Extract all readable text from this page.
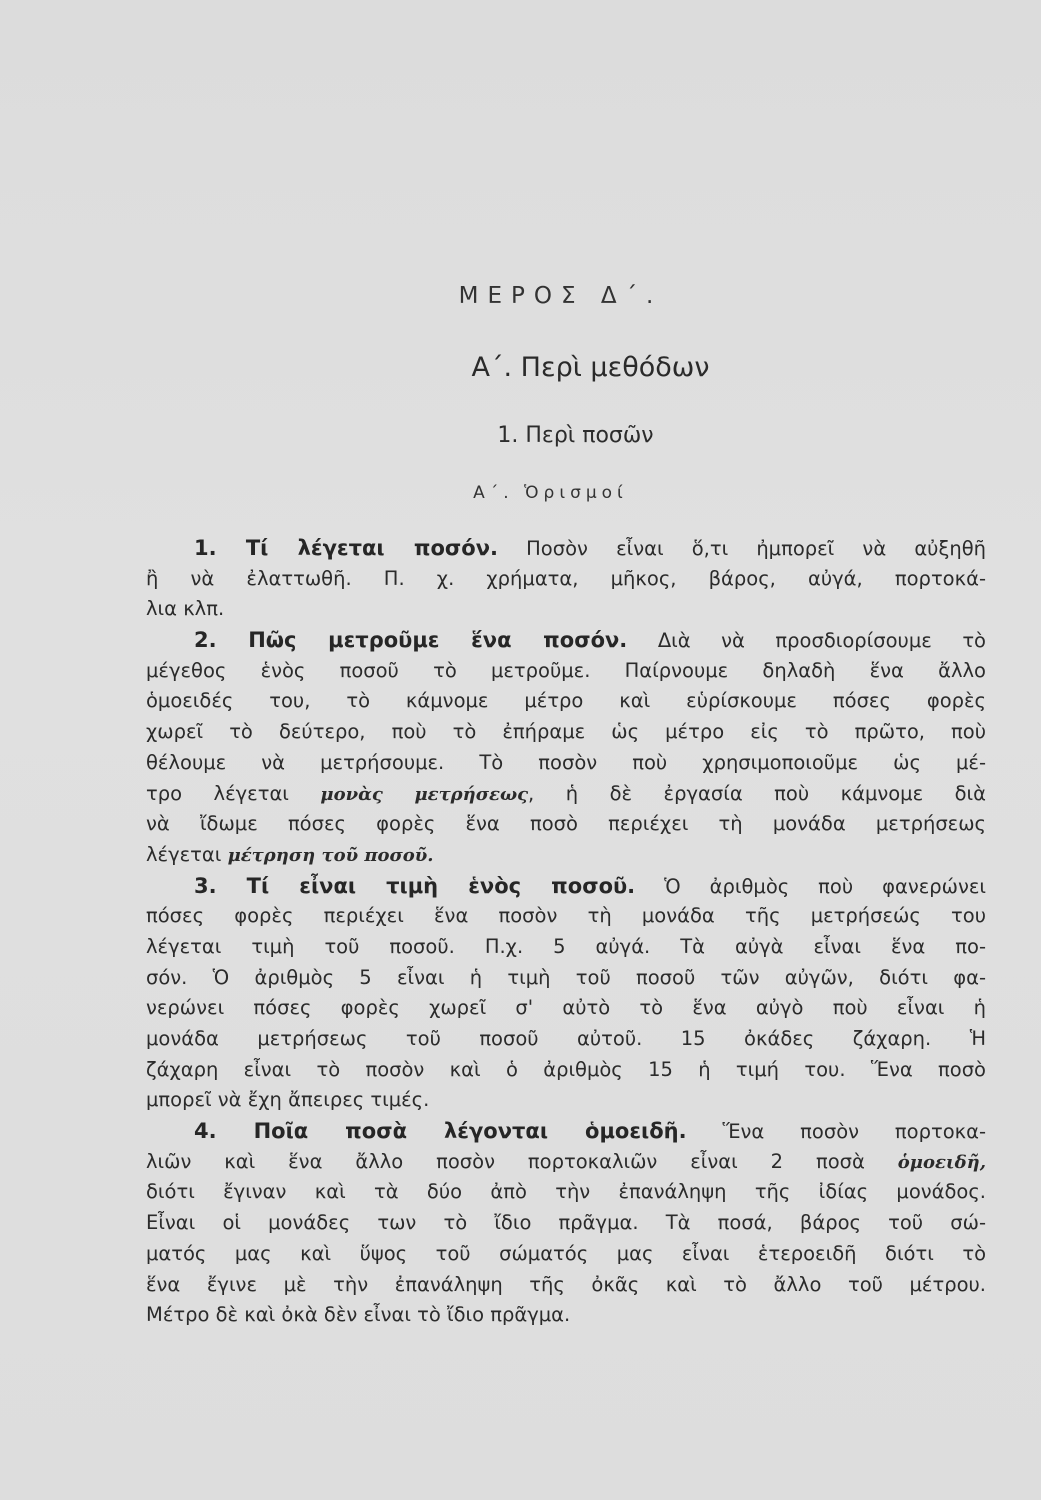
ΜΕΡΟΣ Δ΄.
Α΄. Περὶ μεθόδων
1. Περὶ ποσῶν
Α΄. Ὁρισμοί
1. Τί λέγεται ποσόν. Ποσὸν εἶναι ὅ,τι ἠμπορεῖ νὰ αὐξηθῆ
ἢ νὰ ἐλαττωθῆ. Π. χ. χρήματα, μῆκος, βάρος, αὐγά, πορτοκά-
λια κλπ.
2. Πῶς μετροῦμε ἕνα ποσόν. Διὰ νὰ προσδιορίσουμε τὸ
μέγεθος ἑνὸς ποσοῦ τὸ μετροῦμε. Παίρνουμε δηλαδὴ ἕνα ἄλλο
ὁμοειδές του, τὸ κάμνομε μέτρο καὶ εὑρίσκουμε πόσες φορὲς
χωρεῖ τὸ δεύτερο, ποὺ τὸ ἐπήραμε ὡς μέτρο εἰς τὸ πρῶτο, ποὺ
θέλουμε νὰ μετρήσουμε. Τὸ ποσὸν ποὺ χρησιμοποιοῦμε ὡς μέ-
τρο λέγεται μονὰς μετρήσεως, ἡ δὲ ἐργασία ποὺ κάμνομε διὰ
νὰ ἴδωμε πόσες φορὲς ἕνα ποσὸ περιέχει τὴ μονάδα μετρήσεως
λέγεται μέτρηση τοῦ ποσοῦ.
3. Τί εἶναι τιμὴ ἑνὸς ποσοῦ. Ὁ ἀριθμὸς ποὺ φανερώνει
πόσες φορὲς περιέχει ἕνα ποσὸν τὴ μονάδα τῆς μετρήσεώς του
λέγεται τιμὴ τοῦ ποσοῦ. Π.χ. 5 αὐγά. Τὰ αὐγὰ εἶναι ἕνα πο-
σόν. Ὁ ἀριθμὸς 5 εἶναι ἡ τιμὴ τοῦ ποσοῦ τῶν αὐγῶν, διότι φα-
νερώνει πόσες φορὲς χωρεῖ σ' αὐτὸ τὸ ἕνα αὐγὸ ποὺ εἶναι ἡ
μονάδα μετρήσεως τοῦ ποσοῦ αὐτοῦ. 15 ὀκάδες ζάχαρη. Ἡ
ζάχαρη εἶναι τὸ ποσὸν καὶ ὁ ἀριθμὸς 15 ἡ τιμή του. Ἕνα ποσὸ
μπορεῖ νὰ ἔχη ἄπειρες τιμές.
4. Ποῖα ποσὰ λέγονται ὁμοειδῆ. Ἕνα ποσὸν πορτοκα-
λιῶν καὶ ἕνα ἄλλο ποσὸν πορτοκαλιῶν εἶναι 2 ποσὰ ὁμοειδῆ,
διότι ἔγιναν καὶ τὰ δύο ἀπὸ τὴν ἐπανάληψη τῆς ἰδίας μονάδος.
Εἶναι οἱ μονάδες των τὸ ἴδιο πρᾶγμα. Τὰ ποσά, βάρος τοῦ σώ-
ματός μας καὶ ὕψος τοῦ σώματός μας εἶναι ἑτεροειδῆ διότι τὸ
ἕνα ἔγινε μὲ τὴν ἐπανάληψη τῆς ὀκᾶς καὶ τὸ ἄλλο τοῦ μέτρου.
Μέτρο δὲ καὶ ὀκὰ δὲν εἶναι τὸ ἴδιο πρᾶγμα.
